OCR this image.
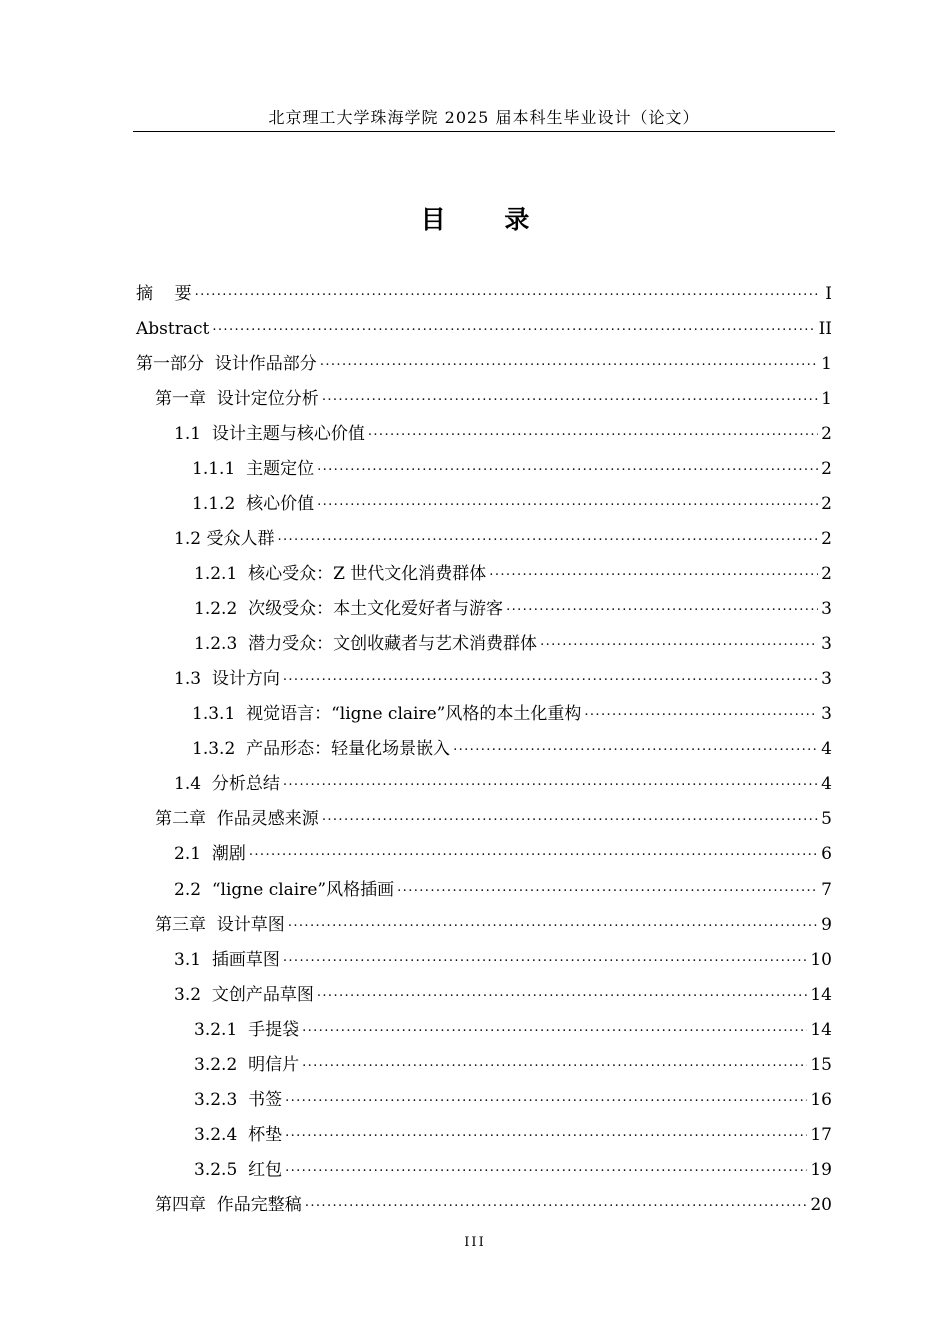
北京理工大学珠海学院 2025 届本科生毕业设计（论文）
目 录
摘    要 .....	I
Abstract .....	II
第一部分  设计作品部分 .....	1
第一章  设计定位分析 .....	1
1.1  设计主题与核心价值 .....	2
1.1.1  主题定位 .....	2
1.1.2  核心价值 .....	2
1.2 受众人群 .....	2
1.2.1  核心受众：Z 世代文化消费群体 .....	2
1.2.2  次级受众：本土文化爱好者与游客 .....	3
1.2.3  潜力受众：文创收藏者与艺术消费群体 .....	3
1.3  设计方向 .....	3
1.3.1  视觉语言：“ligne claire”风格的本土化重构 .....	3
1.3.2  产品形态：轻量化场景嵌入 .....	4
1.4  分析总结 .....	4
第二章  作品灵感来源 .....	5
2.1  潮剧 .....	6
2.2  “ligne claire”风格插画 .....	7
第三章  设计草图 .....	9
3.1  插画草图 .....	10
3.2  文创产品草图 .....	14
3.2.1  手提袋 .....	14
3.2.2  明信片 .....	15
3.2.3  书签 .....	16
3.2.4  杯垫 .....	17
3.2.5  红包 .....	19
第四章  作品完整稿 .....	20
III
